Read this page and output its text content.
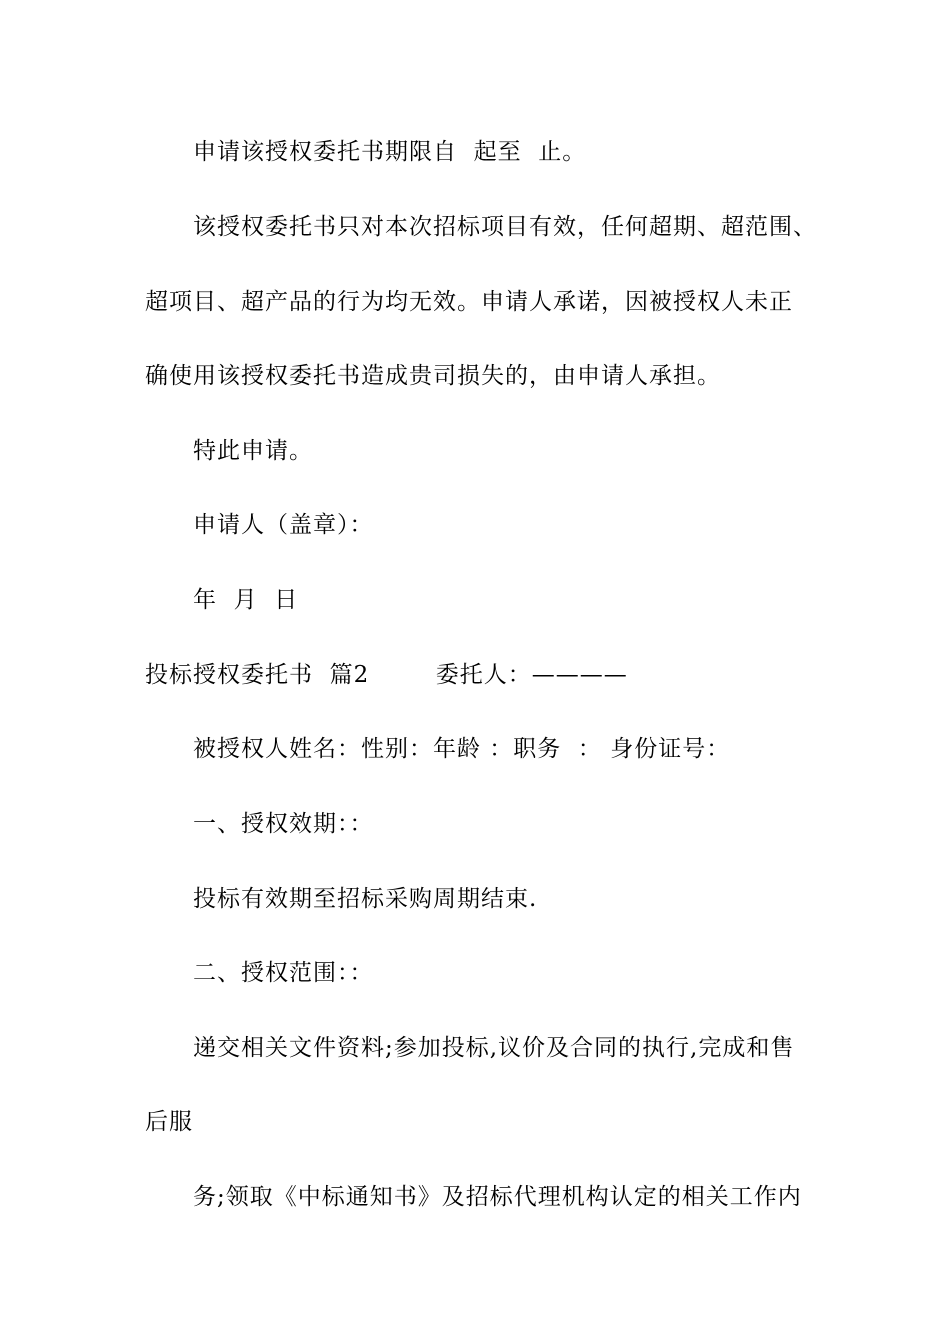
申请该授权委托书期限自  起至  止。
该授权委托书只对本次招标项目有效，任何超期、超范围、
超项目、超产品的行为均无效。申请人承诺，因被授权人未正
确使用该授权委托书造成贵司损失的，由申请人承担。
特此申请。
申请人（盖章）：
年  月  日
投标授权委托书  篇2        委托人：————
被授权人姓名：性别：年龄 ：职务  ： 身份证号：
一、授权效期：：
投标有效期至招标采购周期结束.
二、授权范围：：
递交相关文件资料;参加投标,议价及合同的执行,完成和售
后服
务;领取《中标通知书》及招标代理机构认定的相关工作内
